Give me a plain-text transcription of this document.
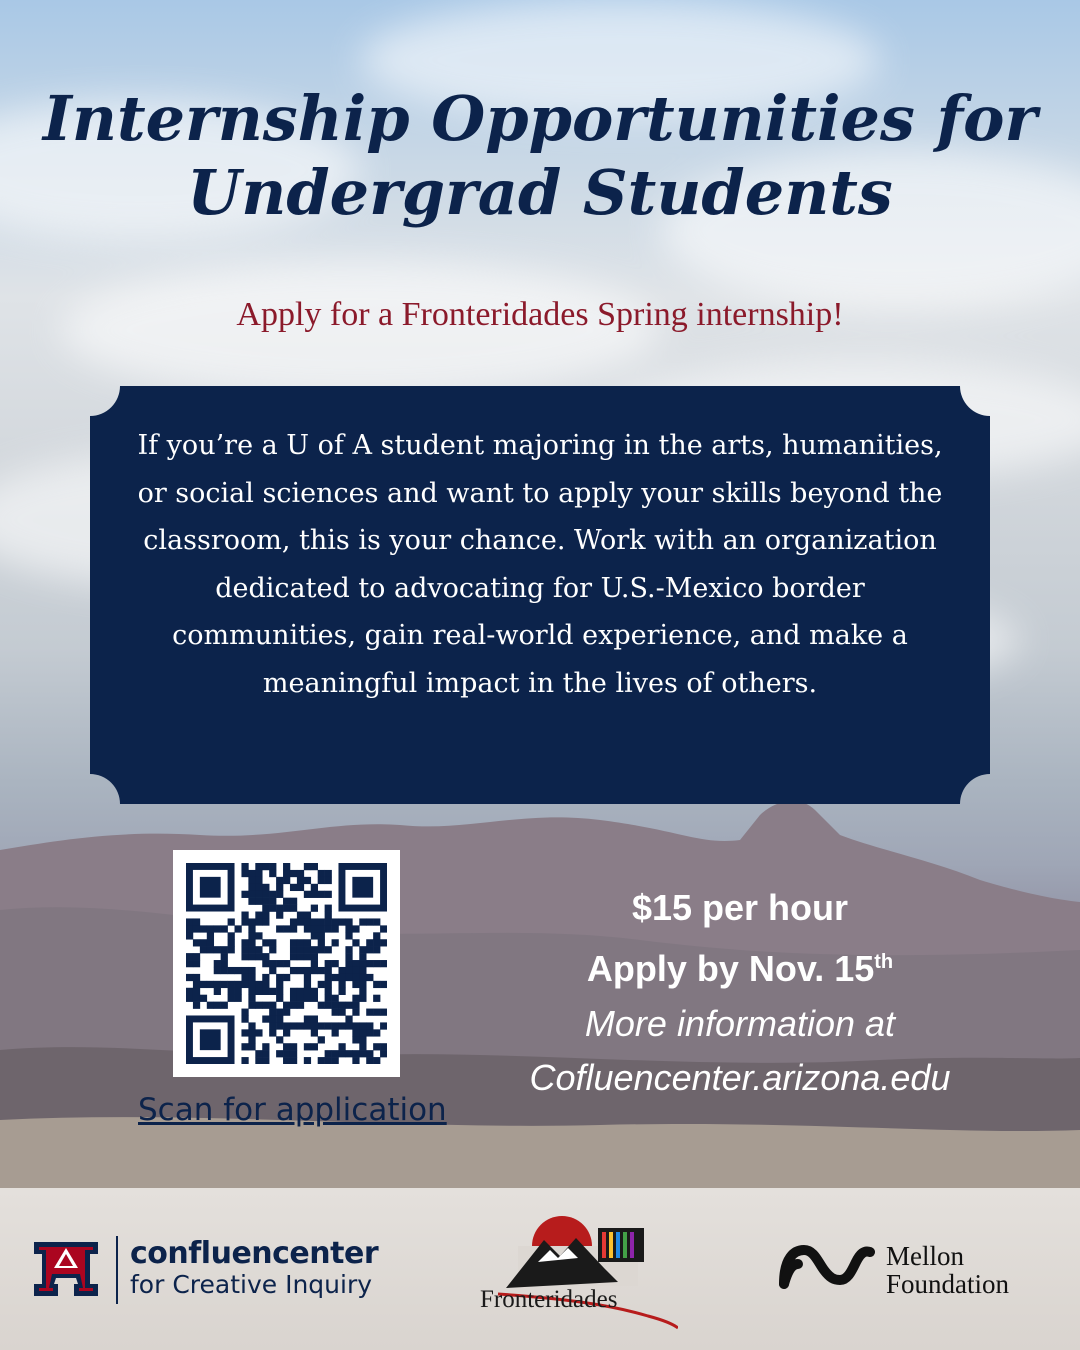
Internship Opportunities for Undergrad Students

Apply for a Fronteridades Spring internship!

If you’re a U of A student majoring in the arts, humanities, or social sciences and want to apply your skills beyond the classroom, this is your chance. Work with an organization dedicated to advocating for U.S.-Mexico border communities, gain real-world experience, and make a meaningful impact in the lives of others.

Scan for application
$15 per hour
Apply by Nov. 15th
More information at
Cofluencenter.arizona.edu
confluencenter
for Creative Inquiry
Fronteridades
Mellon
Foundation
